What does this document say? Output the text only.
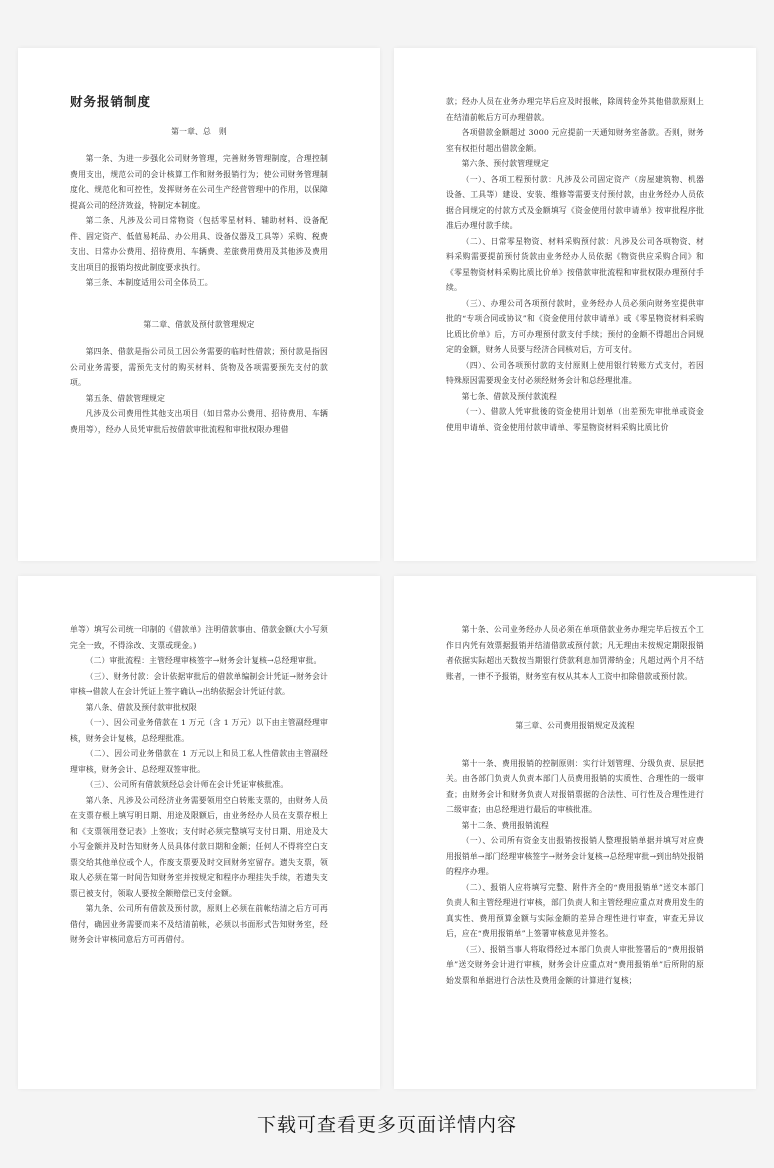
财务报销制度

第一章、总　则

第一条、为进一步强化公司财务管理，完善财务管理制度，合理控制费用支出，规范公司的会计核算工作和财务报销行为；使公司财务管理制度化、规范化和可控性，发挥财务在公司生产经营管理中的作用，以保障提高公司的经济效益，特制定本制度。

第二条、凡涉及公司日常物资（包括零星材料、辅助材料、设备配件、固定资产、低值易耗品、办公用具、设备仪器及工具等）采购、税费支出、日常办公费用、招待费用、车辆费、差旅费用费用及其他涉及费用支出项目的报销均按此制度要求执行。

第三条、本制度适用公司全体员工。

第二章、借款及预付款管理规定

第四条、借款是指公司员工因公务需要的临时性借款；预付款是指因公司业务需要，需预先支付的购买材料、货物及各项需要预先支付的款项。

第五条、借款管理规定

凡涉及公司费用性其他支出项目（如日常办公费用、招待费用、车辆费用等），经办人员凭审批后按借款审批流程和审批权限办理借

款；经办人员在业务办理完毕后应及时报帐，除周转金外其他借款原则上在结清前帐后方可办理借款。

各项借款金额超过 3000 元应提前一天通知财务室备款。否则，财务室有权拒付超出借款金额。

第六条、预付款管理规定

（一）、各项工程预付款：凡涉及公司固定资产（房屋建筑物、机器设备、工具等）建设、安装、维修等需要支付预付款，由业务经办人员依据合同规定的付款方式及金额填写《资金使用付款申请单》按审批程序批准后办理付款手续。

（二）、日常零星物资、材料采购预付款：凡涉及公司各项物资、材料采购需要提前预付货款由业务经办人员依据《物资供应采购合同》和《零星物资材料采购比质比价单》按借款审批流程和审批权限办理预付手续。

（三）、办理公司各项预付款时，业务经办人员必须向财务室提供审批的“专项合同或协议”和《资金使用付款申请单》或《零星物资材料采购比质比价单》后，方可办理预付款支付手续；预付的金额不得超出合同规定的金额，财务人员要与经济合同核对后，方可支付。

（四）、公司各项预付款的支付原则上使用银行转账方式支付，若因特殊原因需要现金支付必须经财务会计和总经理批准。

第七条、借款及预付款流程

（一）、借款人凭审批後的资金使用计划单（出差预先审批单或资金使用申请单、资金使用付款申请单、零星物资材料采购比质比价

单等）填写公司统一印制的《借款单》注明借款事由、借款金额(大小写须完全一致，不得涂改、支票或现金。)

（二）审批流程：主管经理审核签字→财务会计复核→总经理审批。

（三）、财务付款：会计依据审批后的借款单编制会计凭证→财务会计审核→借款人在会计凭证上签字确认→出纳依据会计凭证付款。

第八条、借款及预付款审批权限

（一）、因公司业务借款在 1 万元（含 1 万元）以下由主管副经理审核，财务会计复核，总经理批准。

（二）、因公司业务借款在 1 万元以上和员工私人性借款由主管副经理审核，财务会计、总经理双签审批。

（三）、公司所有借款须经总会计师在会计凭证审核批准。

第八条、凡涉及公司经济业务需要领用空白转账支票的，由财务人员在支票存根上填写明日期、用途及限额后，由业务经办人员在支票存根上和《支票领用登记表》上签收；支付时必须完整填写支付日期、用途及大小写金额并及时告知财务人员具体付款日期和金额；任何人不得将空白支票交给其他单位或个人，作废支票要及时交回财务室留存。遗失支票，领取人必须在第一时间告知财务室并按规定和程序办理挂失手续，若遗失支票已被支付，领取人要按全额赔偿已支付金额。

第九条、公司所有借款及预付款，原则上必须在前帐结清之后方可再借付，确因业务需要而来不及结清前帐，必须以书面形式告知财务室，经财务会计审核同意后方可再借付。

第十条、公司业务经办人员必须在单项借款业务办理完毕后按五个工作日内凭有效票据报销并结清借款或预付款；凡无理由未按规定期限报销者依据实际超出天数按当期银行贷款利息加罚滞纳金；凡超过两个月不结账者，一律不予报销，财务室有权从其本人工资中扣除借款或预付款。

第三章、公司费用报销规定及流程

第十一条、费用报销的控制原则：实行计划管理、分级负责、层层把关。由各部门负责人负责本部门人员费用报销的实质性、合理性的一级审查；由财务会计和财务负责人对报销票据的合法性、可行性及合理性进行二级审查；由总经理进行最后的审核批准。

第十二条、费用报销流程

（一）、公司所有资金支出报销按报销人整理报销单据并填写对应费用报销单→部门经理审核签字→财务会计复核→总经理审批→到出纳处报销的程序办理。

（二）、报销人应将填写完整、附件齐全的“费用报销单”送交本部门负责人和主管经理进行审核，部门负责人和主管经理应重点对费用发生的真实性、费用预算金额与实际金额的差异合理性进行审查，审查无异议后，应在“费用报销单”上签署审核意见并签名。

（三）、报销当事人将取得经过本部门负责人审批签署后的“费用报销单”送交财务会计进行审核，财务会计应重点对“费用报销单”后所附的原始发票和单据进行合法性及费用金额的计算进行复核；

下载可查看更多页面详情内容
